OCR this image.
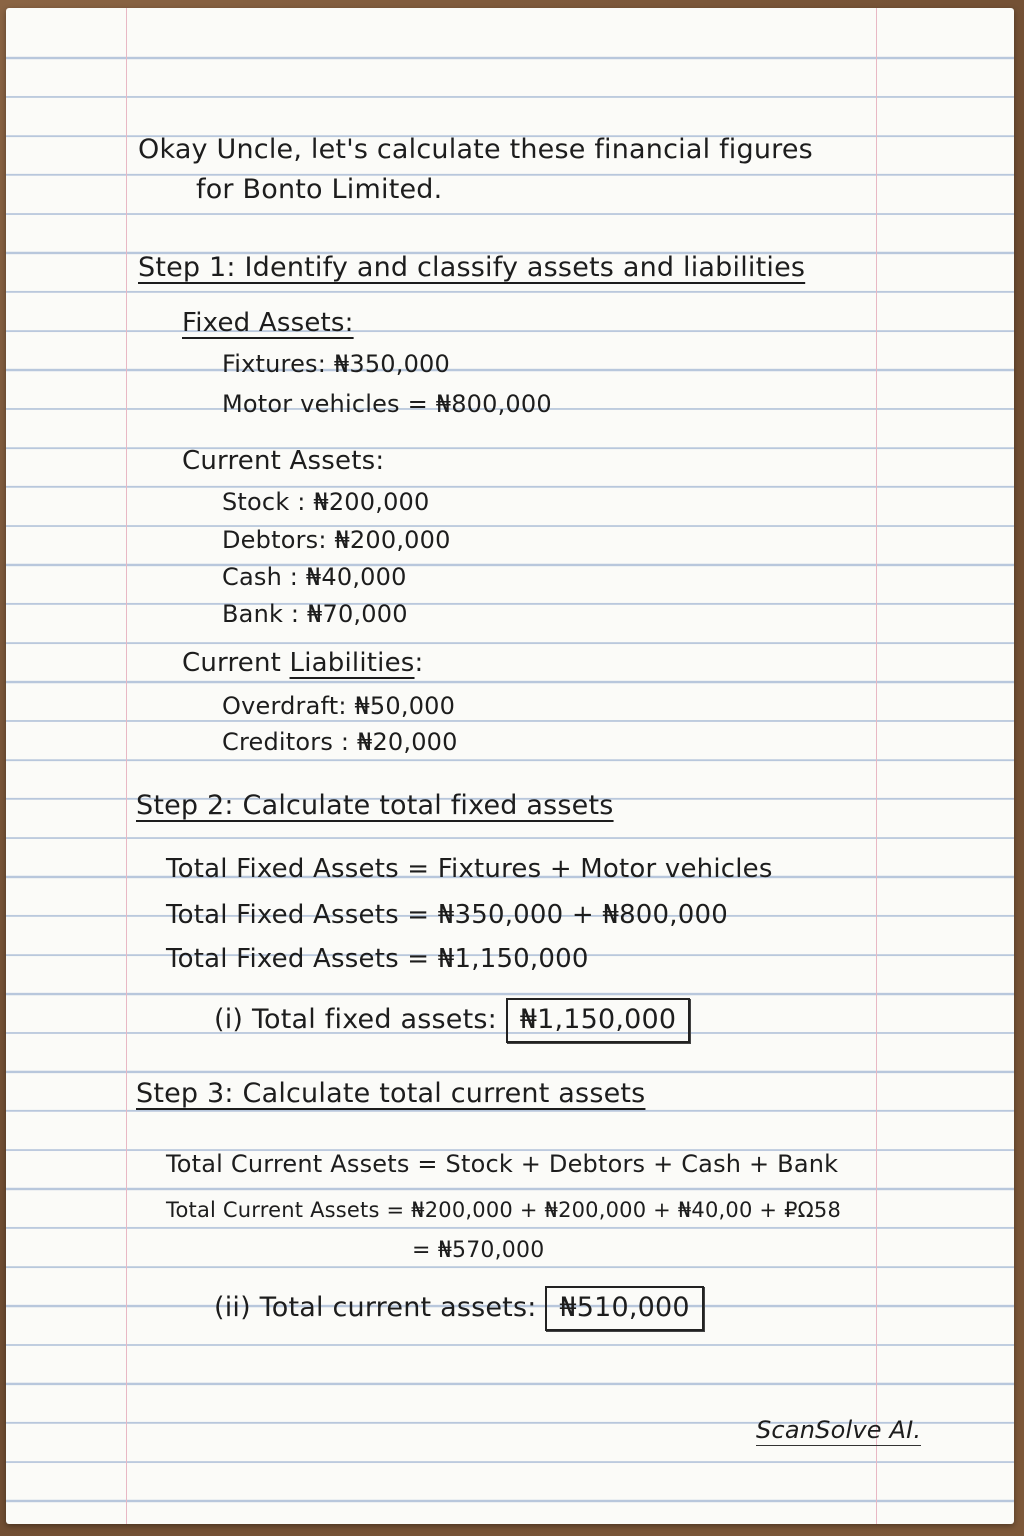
Okay Uncle, let's calculate these financial figures
for Bonto Limited.
Step 1: Identify and classify assets and liabilities
Fixed Assets:
Fixtures: ₦350,000
Motor vehicles = ₦800,000
Current Assets:
Stock : ₦200,000
Debtors: ₦200,000
Cash : ₦40,000
Bank : ₦70,000
Current Liabilities:
Overdraft: ₦50,000
Creditors : ₦20,000
Step 2: Calculate total fixed assets
Total Fixed Assets = Fixtures + Motor vehicles
Total Fixed Assets = ₦350,000 + ₦800,000
Total Fixed Assets = ₦1,150,000
(i) Total fixed assets: ₦1,150,000
Step 3: Calculate total current assets
Total Current Assets = Stock + Debtors + Cash + Bank
Total Current Assets = ₦200,000 + ₦200,000 + ₦40,00 + ₽Ω58
= ₦570,000
(ii) Total current assets: ₦510,000
ScanSolve AI.
